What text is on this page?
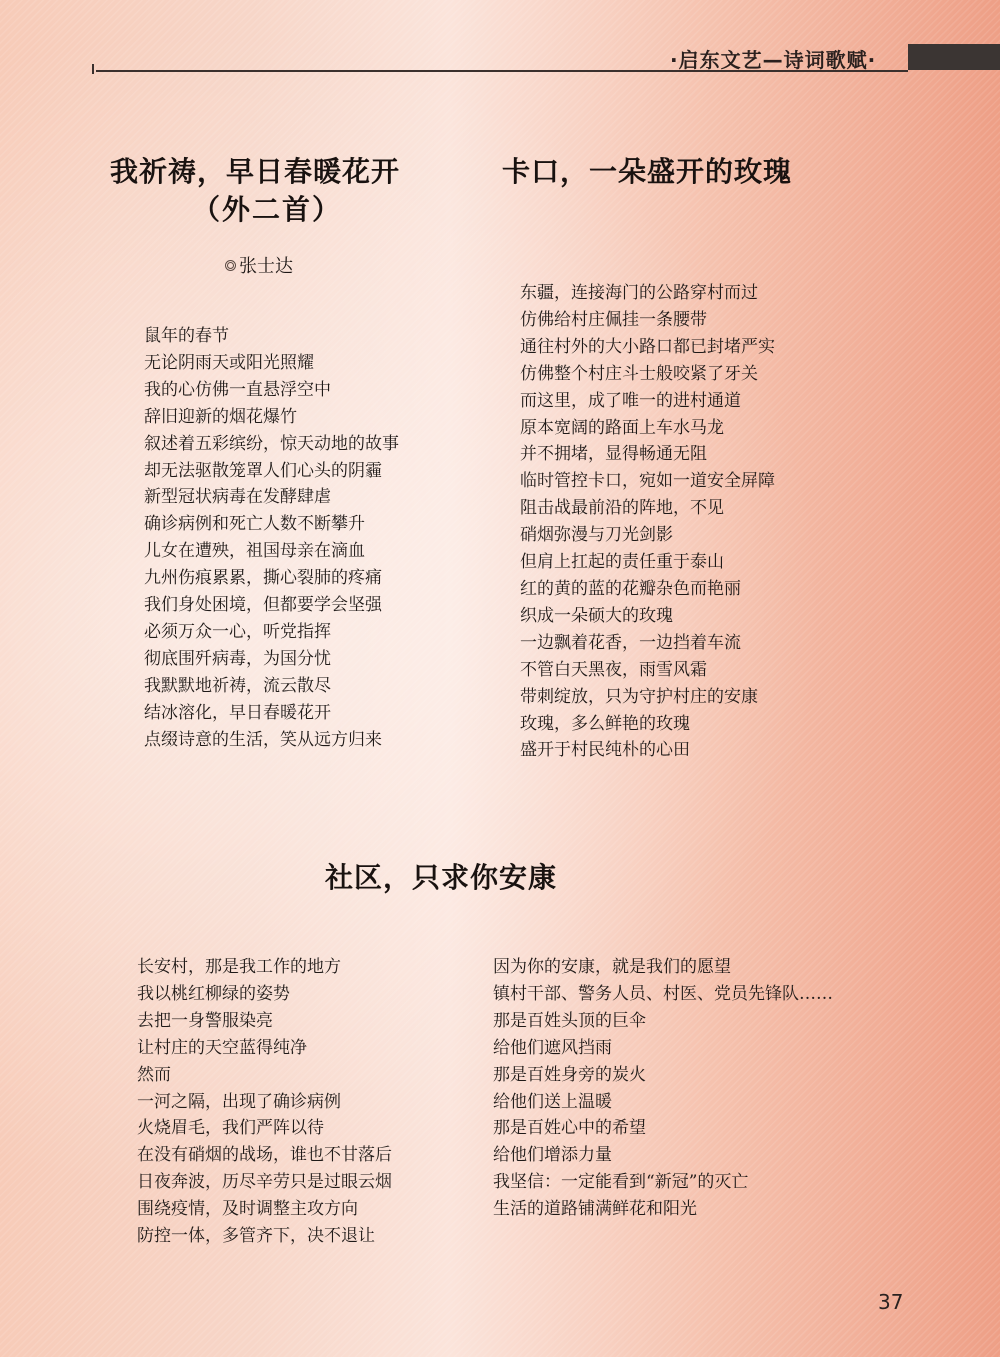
·启东文艺—诗词歌赋·
我祈祷，早日春暖花开
（外二首）
张士达
鼠年的春节
无论阴雨天或阳光照耀
我的心仿佛一直悬浮空中
辞旧迎新的烟花爆竹
叙述着五彩缤纷，惊天动地的故事
却无法驱散笼罩人们心头的阴霾
新型冠状病毒在发酵肆虐
确诊病例和死亡人数不断攀升
儿女在遭殃，祖国母亲在滴血
九州伤痕累累，撕心裂肺的疼痛
我们身处困境，但都要学会坚强
必须万众一心，听党指挥
彻底围歼病毒，为国分忧
我默默地祈祷，流云散尽
结冰溶化，早日春暖花开
点缀诗意的生活，笑从远方归来
卡口，一朵盛开的玫瑰
东疆，连接海门的公路穿村而过
仿佛给村庄佩挂一条腰带
通往村外的大小路口都已封堵严实
仿佛整个村庄斗士般咬紧了牙关
而这里，成了唯一的进村通道
原本宽阔的路面上车水马龙
并不拥堵，显得畅通无阻
临时管控卡口，宛如一道安全屏障
阻击战最前沿的阵地，不见
硝烟弥漫与刀光剑影
但肩上扛起的责任重于泰山
红的黄的蓝的花瓣杂色而艳丽
织成一朵硕大的玫瑰
一边飘着花香，一边挡着车流
不管白天黑夜，雨雪风霜
带刺绽放，只为守护村庄的安康
玫瑰，多么鲜艳的玫瑰
盛开于村民纯朴的心田
社区，只求你安康
长安村，那是我工作的地方
我以桃红柳绿的姿势
去把一身警服染亮
让村庄的天空蓝得纯净
然而
一河之隔，出现了确诊病例
火烧眉毛，我们严阵以待
在没有硝烟的战场，谁也不甘落后
日夜奔波，历尽辛劳只是过眼云烟
围绕疫情，及时调整主攻方向
防控一体，多管齐下，决不退让
因为你的安康，就是我们的愿望
镇村干部、警务人员、村医、党员先锋队……
那是百姓头顶的巨伞
给他们遮风挡雨
那是百姓身旁的炭火
给他们送上温暖
那是百姓心中的希望
给他们增添力量
我坚信：一定能看到“新冠”的灭亡
生活的道路铺满鲜花和阳光
37
